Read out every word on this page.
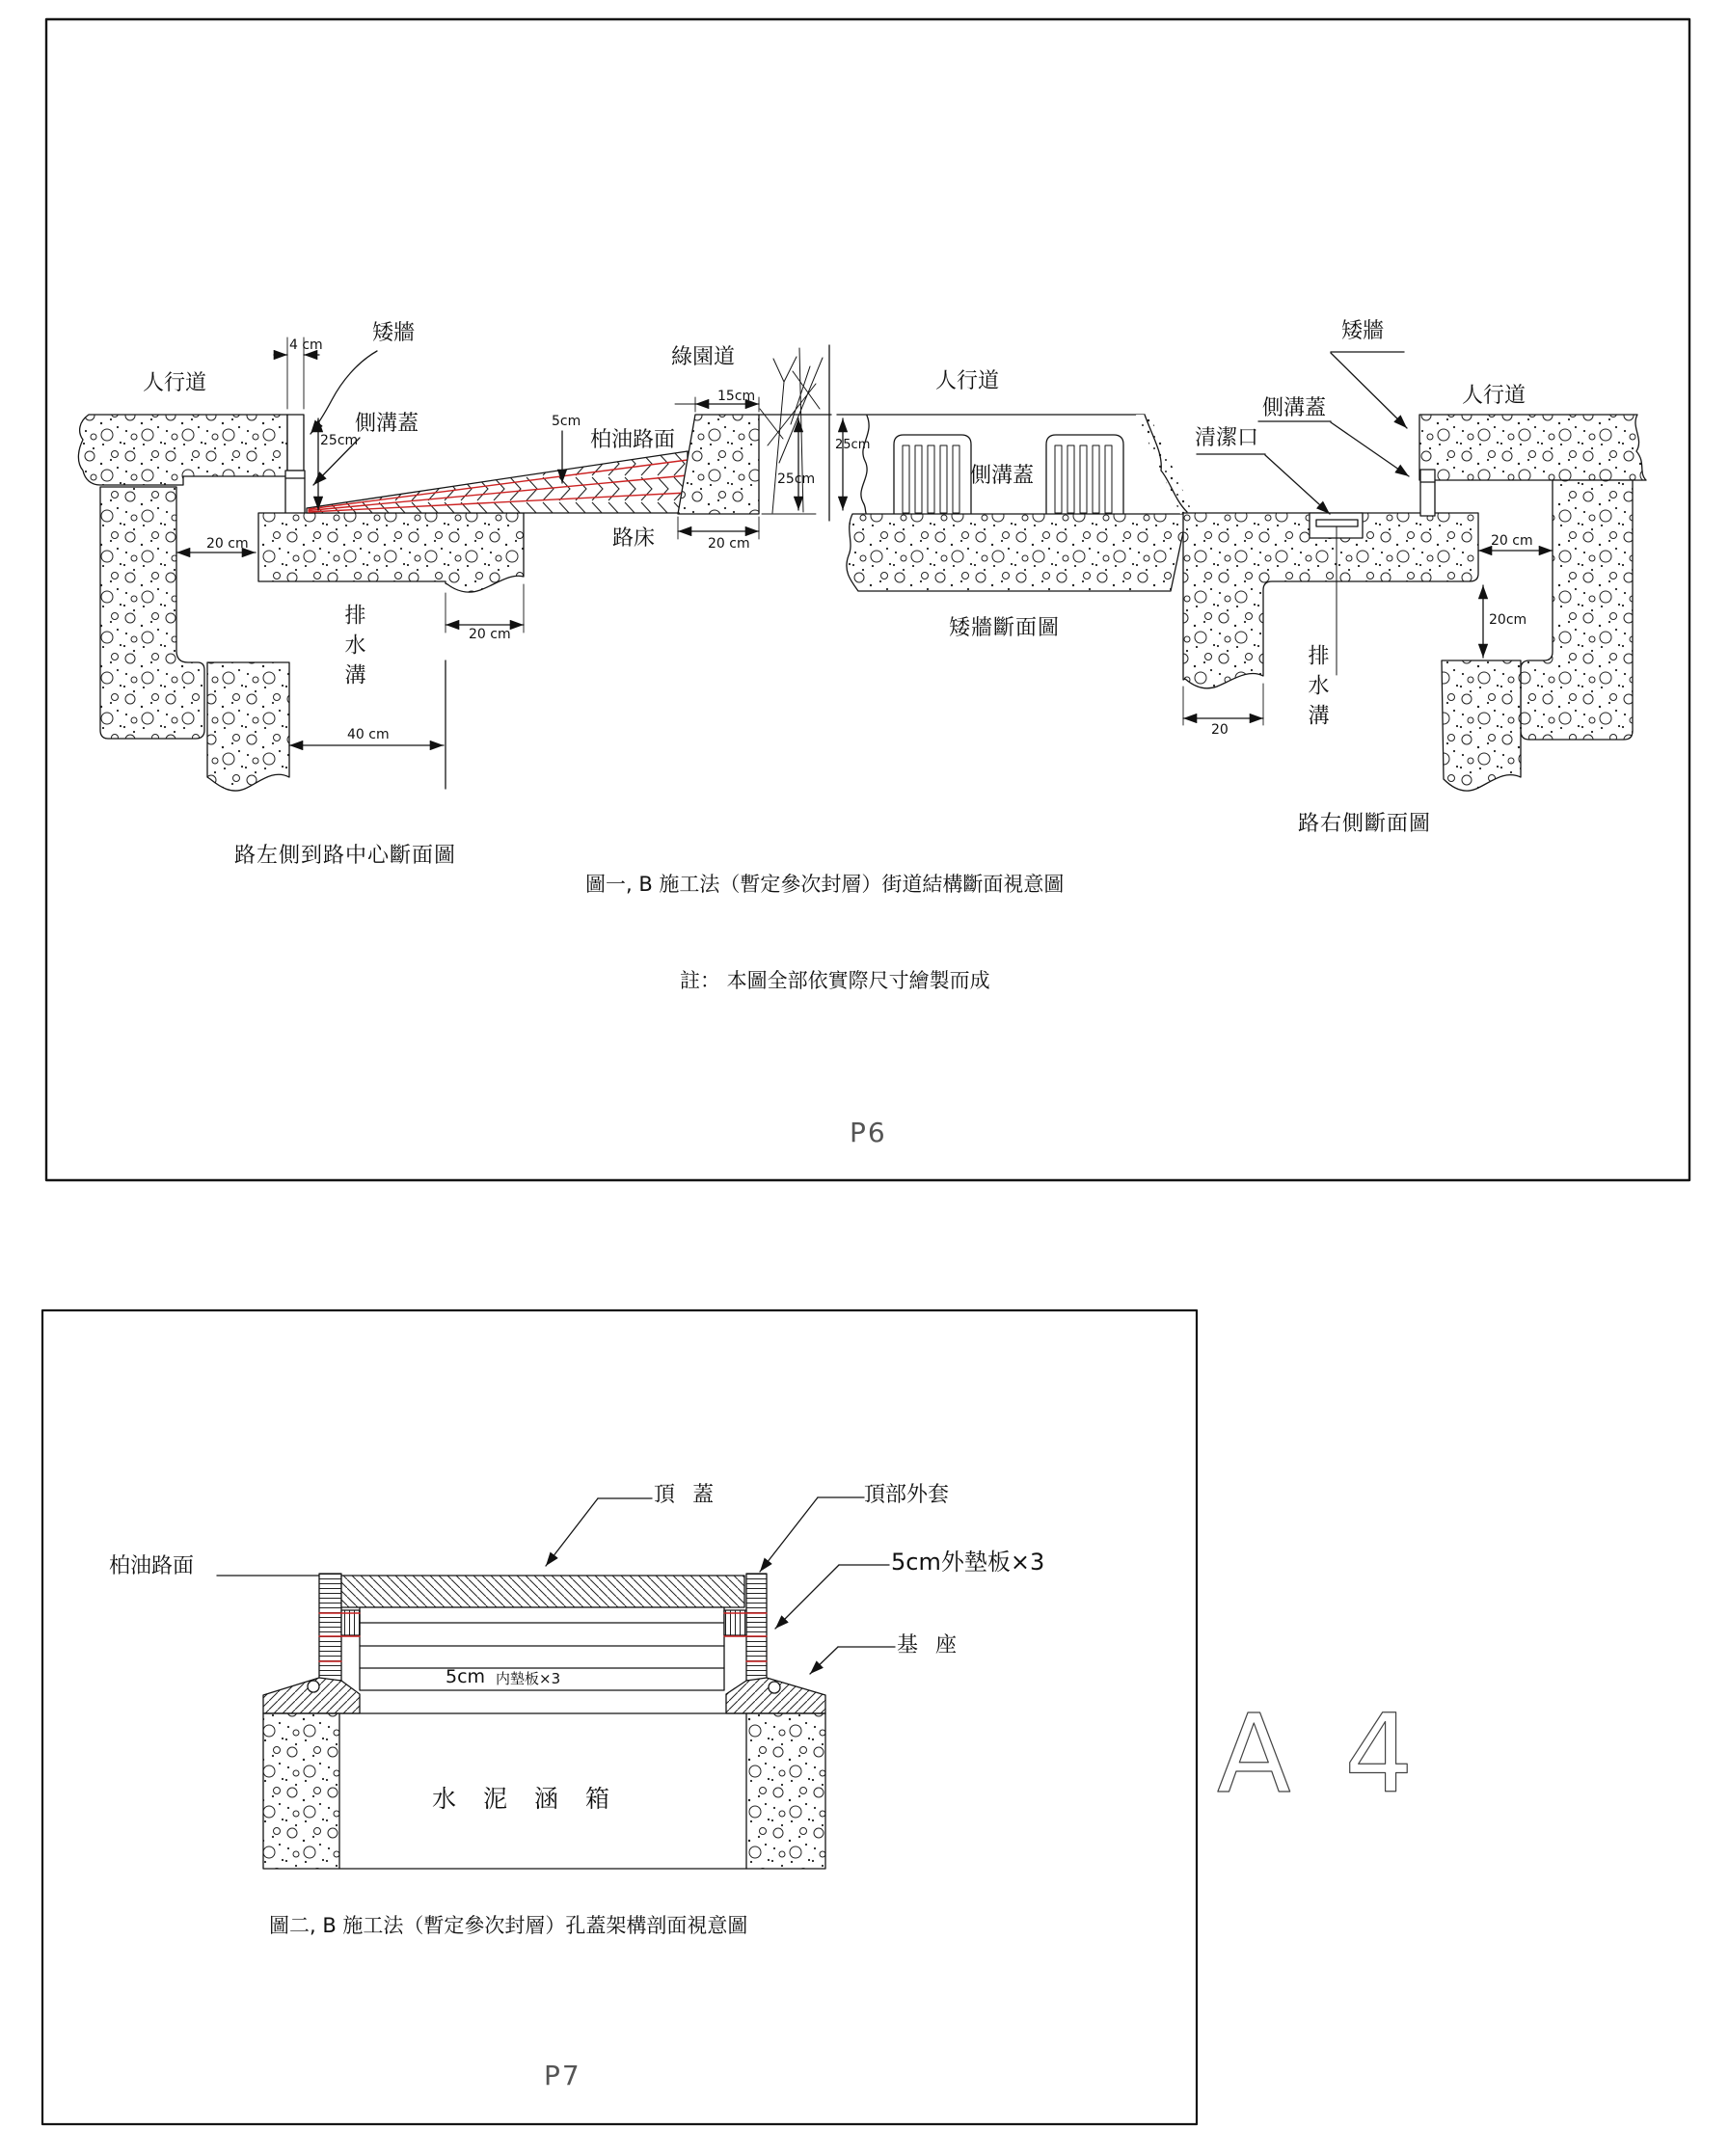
A 4
人行道
矮牆
側溝蓋
4 cm
25cm
20 cm
5cm
柏油路面
路床
綠園道
15cm
25cm
20 cm
排水溝
40 cm
20 cm
路左側到路中心斷面圖
人行道
25cm
側溝蓋
矮牆斷面圖
矮牆
側溝蓋
人行道
清潔口
排水溝
20 cm
20cm
20
路右側斷面圖
圖一, B 施工法（暫定參次封層）街道結構斷面視意圖
註： 本圖全部依實際尺寸繪製而成
P6
柏油路面
頂蓋	頂部外套
5cm外墊板×3
基座
5cm 内墊板×3
水泥涵箱
圖二, B 施工法（暫定參次封層）孔蓋架構剖面視意圖
P7
